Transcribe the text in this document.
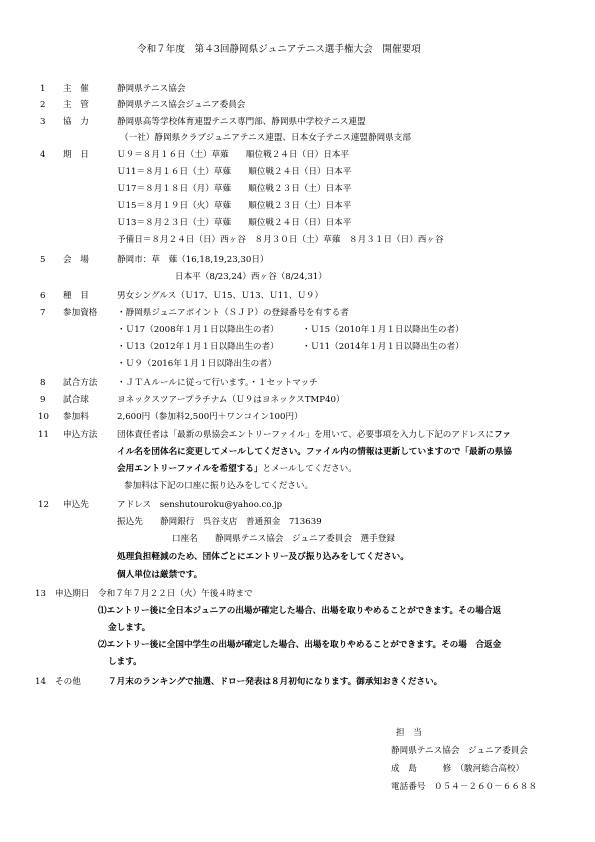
令和７年度　第４3回静岡県ジュニアテニス選手権大会　開催要項
1 主　催	静岡県テニス協会
2 主　管	静岡県テニス協会ジュニア委員会
3 協　力	静岡県高等学校体育連盟テニス専門部、静岡県中学校テニス連盟
（一社）静岡県クラブジュニアテニス連盟、日本女子テニス連盟静岡県支部
4 期　日	Ｕ９＝８月１６日（土）草薙　　順位戦２４日（日）日本平
Ｕ11＝８月１６日（土）草薙　　順位戦２４日（日）日本平
Ｕ17＝８月１８日（月）草薙　　順位戦２３日（土）日本平
Ｕ15＝８月１９日（火）草薙　　順位戦２３日（土）日本平
Ｕ13＝８月２３日（土）草薙　　順位戦２４日（日）日本平
予備日＝８月２４日（日）西ヶ谷　８月３０日（土）草薙　８月３１日（日）西ヶ谷
5 会　場	静岡市：草　薙（16,18,19,23,30日）
日本平（8/23,24）西ヶ谷（8/24,31）
6 種　目	男女シングルス（Ｕ17、Ｕ15、Ｕ13、Ｕ11、Ｕ９）
7 参加資格 ・静岡県ジュニアポイント（ＳＪＰ）の登録番号を有する者
・Ｕ17（2008年１月１日以降出生の者）	・Ｕ15（2010年１月１日以降出生の者）
・Ｕ13（2012年１月１日以降出生の者）	・Ｕ11（2014年１月１日以降出生の者）
・Ｕ９（2016年１月１日以降出生の者）
8 試合方法 ・ＪＴＡルールに従って行います。・１セットマッチ
9 試合球	ヨネックスツアープラチナム（Ｕ９はヨネックスTMP40）
10 参加料	2,600円（参加料2,500円＋ワンコイン100円）
11 申込方法 団体責任者は「最新の県協会エントリーファイル」を用いて、必要事項を入力し下記のアドレスにファ
イル名を団体名に変更してメールしてください。ファイル内の情報は更新していますので「最新の県協
会用エントリーファイルを希望する」とメールしてください。
参加料は下記の口座に振り込みをしてください。
12 申込先	アドレス　senshutouroku@yahoo.co.jp
振込先　　静岡銀行　呉谷支店　普通預金　713639
口座名　　静岡県テニス協会　ジュニア委員会　選手登録
処理負担軽減のため、団体ごとにエントリー及び振り込みをしてください。
個人単位は厳禁です。
13 申込期日 令和７年７月２２日（火）午後４時まで
⑴エントリー後に全日本ジュニアの出場が確定した場合、出場を取りやめることができます。その場合返
金します。
⑵エントリー後に全国中学生の出場が確定した場合、出場を取りやめることができます。その場　合返金
します。
14 その他	７月末のランキングで抽選、ドロー発表は８月初旬になります。御承知おきください。
担　当
静岡県テニス協会　ジュニア委員会
成　島　　　修　（駿河総合高校）
電話番号　０５４－２６０－６６８８
